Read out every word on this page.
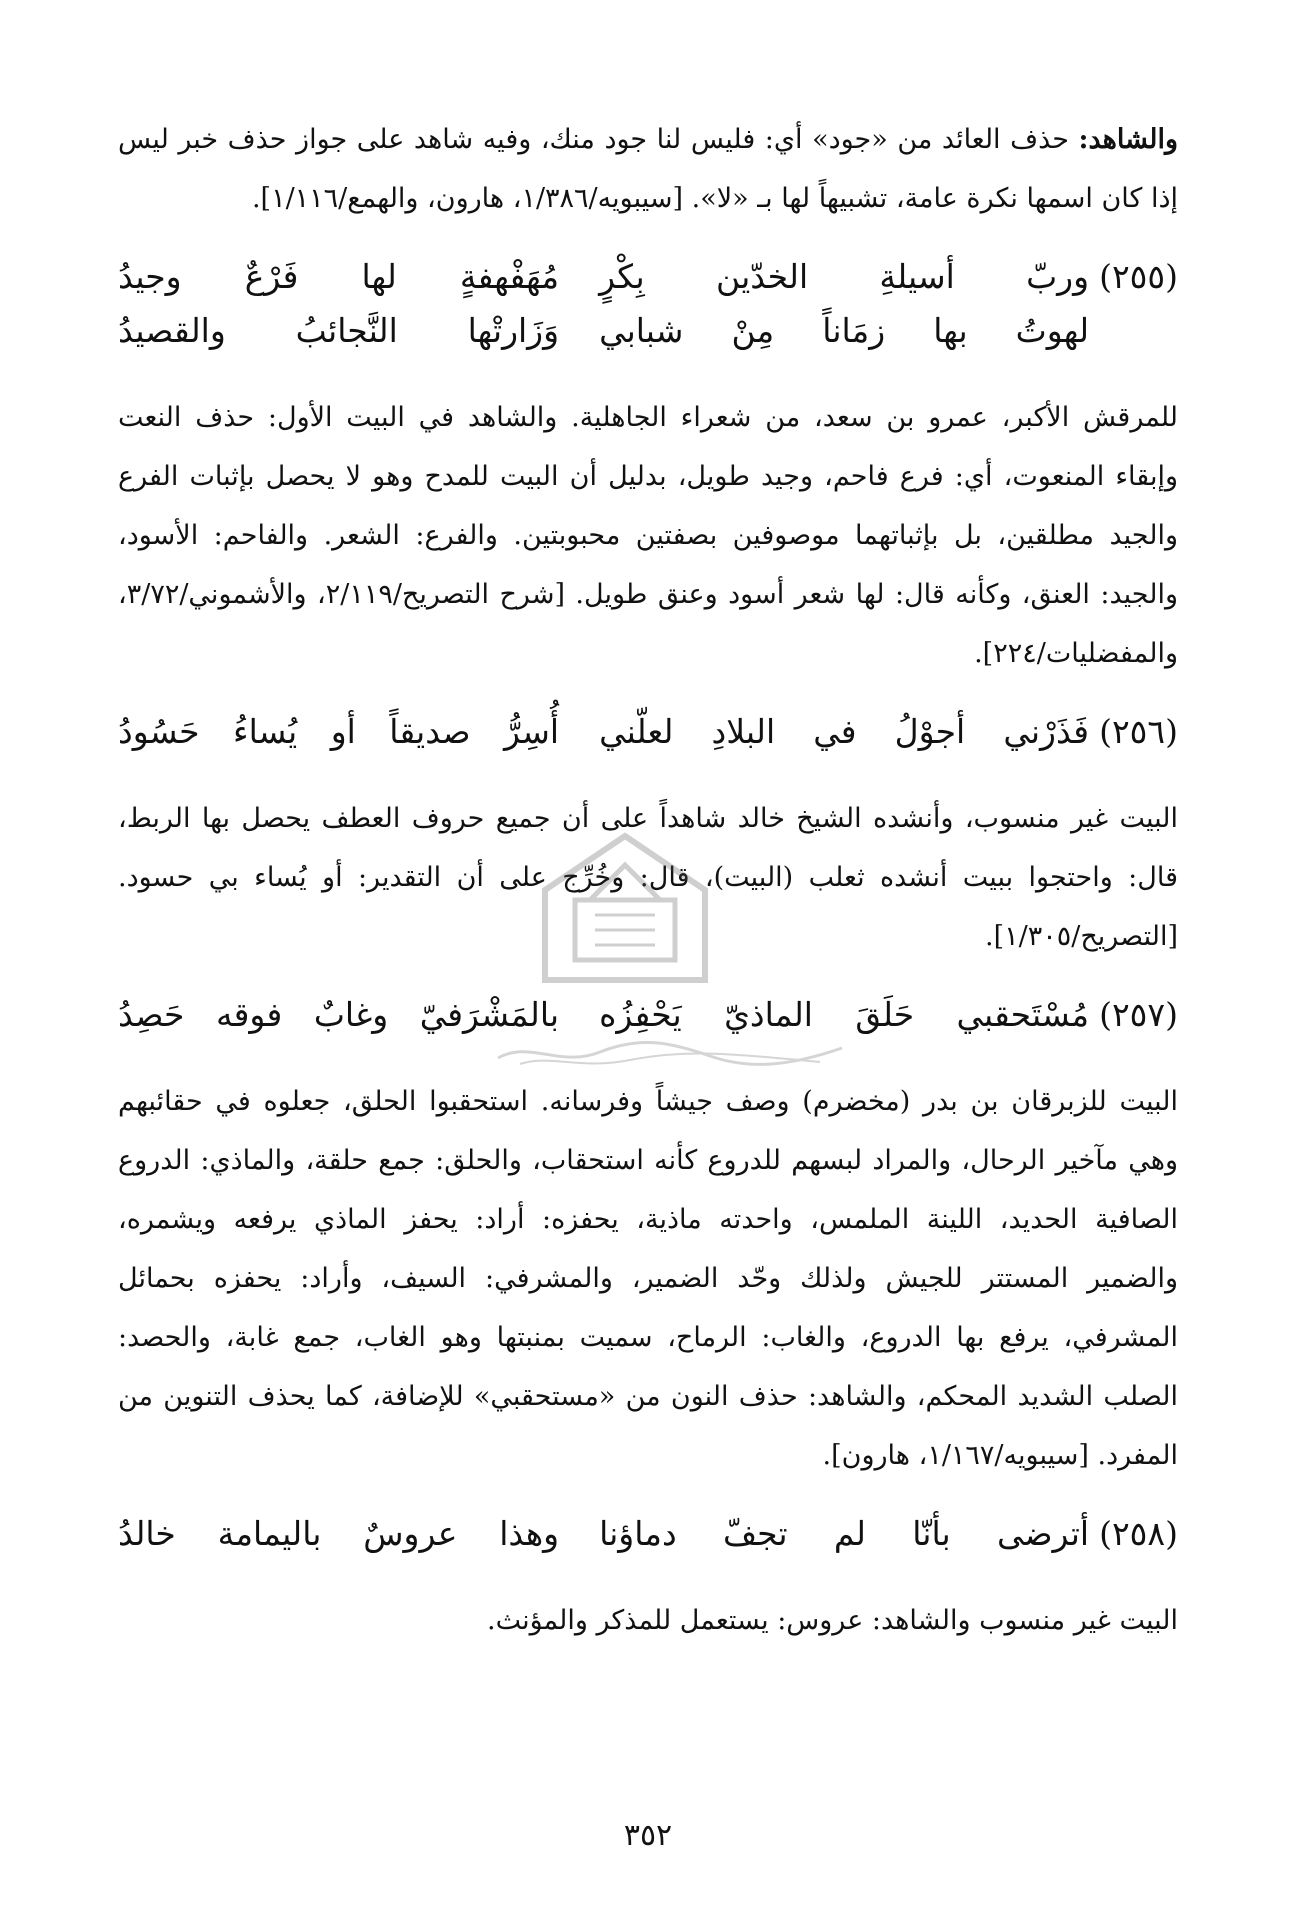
والشاهد: حذف العائد من «جود» أي: فليس لنا جود منك، وفيه شاهد على جواز حذف خبر ليس إذا كان اسمها نكرة عامة، تشبيهاً لها بـ «لا». [سيبويه/١/٣٨٦، هارون، والهمع/١/١١٦].

(٢٥٥)
وربّ أسيلةِ الخدّين بِكْرٍ
مُهَفْهفةٍ لها فَرْعٌ وجيدُ
لهوتُ بها زمَاناً مِنْ شبابي
وَزَارتْها النَّجائبُ والقصيدُ

للمرقش الأكبر، عمرو بن سعد، من شعراء الجاهلية. والشاهد في البيت الأول: حذف النعت وإبقاء المنعوت، أي: فرع فاحم، وجيد طويل، بدليل أن البيت للمدح وهو لا يحصل بإثبات الفرع والجيد مطلقين، بل بإثباتهما موصوفين بصفتين محبوبتين. والفرع: الشعر. والفاحم: الأسود، والجيد: العنق، وكأنه قال: لها شعر أسود وعنق طويل. [شرح التصريح/٢/١١٩، والأشموني/٣/٧٢، والمفضليات/٢٢٤].

(٢٥٦)
فَذَرْني أجوْلُ في البلادِ لعلّني
أُسِرُّ صديقاً أو يُساءُ حَسُودُ

البيت غير منسوب، وأنشده الشيخ خالد شاهداً على أن جميع حروف العطف يحصل بها الربط، قال: واحتجوا ببيت أنشده ثعلب (البيت)، قال: وخُرِّج على أن التقدير: أو يُساء بي حسود. [التصريح/١/٣٠٥].

(٢٥٧)
مُسْتَحقبي حَلَقَ الماذيّ يَحْفِزُه
بالمَشْرَفيّ وغابٌ فوقه حَصِدُ

البيت للزبرقان بن بدر (مخضرم) وصف جيشاً وفرسانه. استحقبوا الحلق، جعلوه في حقائبهم وهي مآخير الرحال، والمراد لبسهم للدروع كأنه استحقاب، والحلق: جمع حلقة، والماذي: الدروع الصافية الحديد، اللينة الملمس، واحدته ماذية، يحفزه: أراد: يحفز الماذي يرفعه ويشمره، والضمير المستتر للجيش ولذلك وحّد الضمير، والمشرفي: السيف، وأراد: يحفزه بحمائل المشرفي، يرفع بها الدروع، والغاب: الرماح، سميت بمنبتها وهو الغاب، جمع غابة، والحصد: الصلب الشديد المحكم، والشاهد: حذف النون من «مستحقبي» للإضافة، كما يحذف التنوين من المفرد. [سيبويه/١/١٦٧، هارون].

(٢٥٨)
أترضى بأنّا لم تجفّ دماؤنا
وهذا عروسٌ باليمامة خالدُ

البيت غير منسوب والشاهد: عروس: يستعمل للمذكر والمؤنث.

٣٥٢
